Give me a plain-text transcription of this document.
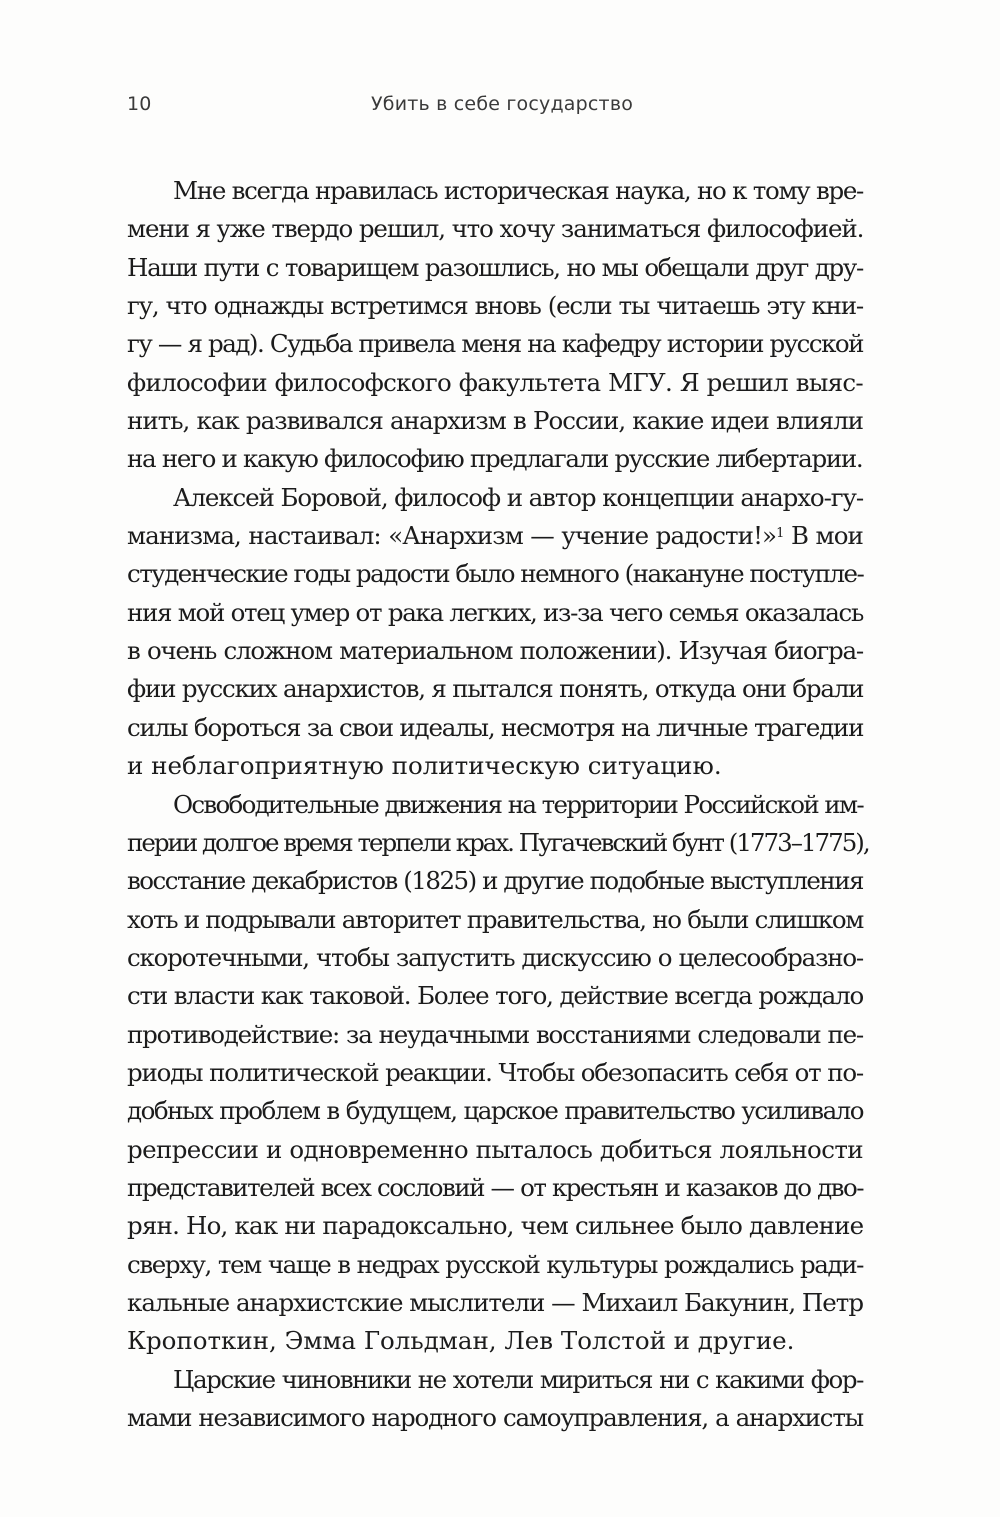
10	Убить в себе государство
Мне всегда нравилась историческая наука, но к тому вре-
мени я уже твердо решил, что хочу заниматься философией.
Наши пути с товарищем разошлись, но мы обещали друг дру-
гу, что однажды встретимся вновь (если ты читаешь эту кни-
гу — я рад). Судьба привела меня на кафедру истории русской
философии философского факультета МГУ. Я решил выяс-
нить, как развивался анархизм в России, какие идеи влияли
на него и какую философию предлагали русские либертарии.
Алексей Боровой, философ и автор концепции анархо-гу-
манизма, настаивал: «Анархизм — учение радости!»$^1$ В мои
студенческие годы радости было немного (накануне поступле-
ния мой отец умер от рака легких, из-за чего семья оказалась
в очень сложном материальном положении). Изучая биогра-
фии русских анархистов, я пытался понять, откуда они брали
силы бороться за свои идеалы, несмотря на личные трагедии
и неблагоприятную политическую ситуацию.
Освободительные движения на территории Российской им-
перии долгое время терпели крах. Пугачевский бунт (1773–1775),
восстание декабристов (1825) и другие подобные выступления
хоть и подрывали авторитет правительства, но были слишком
скоротечными, чтобы запустить дискуссию о целесообразно-
сти власти как таковой. Более того, действие всегда рождало
противодействие: за неудачными восстаниями следовали пе-
риоды политической реакции. Чтобы обезопасить себя от по-
добных проблем в будущем, царское правительство усиливало
репрессии и одновременно пыталось добиться лояльности
представителей всех сословий — от крестьян и казаков до дво-
рян. Но, как ни парадоксально, чем сильнее было давление
сверху, тем чаще в недрах русской культуры рождались ради-
кальные анархистские мыслители — Михаил Бакунин, Петр
Кропоткин, Эмма Гольдман, Лев Толстой и другие.
Царские чиновники не хотели мириться ни с какими фор-
мами независимого народного самоуправления, а анархисты
